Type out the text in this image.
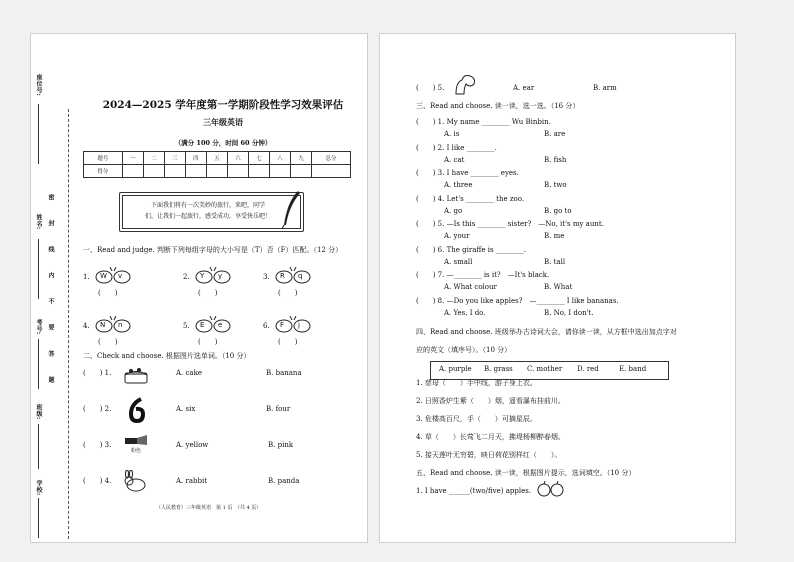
座位号:
姓名:
考号:
班级:
学校:
密 封 线 内 不 要 答 题
2024—2025 学年度第一学期阶段性学习效果评估
三年级英语
（满分 100 分，时间 60 分钟）
题号	一	二	三	四	五	六	七	八	九	总分
得分										

下面我们将有一次美妙的旅行，来吧，同学

们，让我们一起旅行，感受成功，享受快乐吧！

一、Read and judge. 判断下列每组字母的大小写是（T）否（F）匹配。（12 分）
1. W v
(　　)
2. Y y
(　　)
3. R q
(　　)
4. N n
(　　)
5. E e
(　　)
6. F j
(　　)
二、Check and choose. 根据图片选单词。（10 分）
(　　) 1.	A. cake	B. banana
(　　) 2.	A. six	B. four
(　　) 3.
粉色
A. yellow	B. pink
(　　) 4.	A. rabbit	B. panda
（人民教育）三年级英语　第 1 页　（共 4 页）
(　　) 5.	A. ear	B. arm
三、Read and choose. 读一读，选一选。（16 分）
(　　) 1. My name ________ Wu Binbin.
A. is	B. are
(　　) 2. I like ________.
A. cat	B. fish
(　　) 3. I have ________ eyes.
A. three	B. two
(　　) 4. Let's ________ the zoo.
A. go	B. go to
(　　) 5. —Is this ________ sister?　—No, it's my aunt.
A. your	B. me
(　　) 6. The giraffe is ________.
A. small	B. tall
(　　) 7. —________ is it?　—It's black.
A. What colour	B. What
(　　) 8. —Do you like apples?　—________ I like bananas.
A. Yes, I do.	B. No, I don't.
四、Read and choose. 班级举办古诗词大会，请你读一读，从方框中选出加点字对
应的英文（填序号）。（10 分）
A. purple B. grass C. mother D. red	E. band
1. 慈母（　　）手中线，游子身上衣。
2. 日照香炉生紫（　　）烟，遥看瀑布挂前川。
3. 危楼高百尺，手（　　）可摘星辰。
4. 草（　　）长莺飞二月天，拂堤杨柳醉春烟。
5. 接天莲叶无穷碧，映日荷花别样红（　　）。
五、Read and choose. 读一读，根据图片提示，选词填空。（10 分）
1. I have ______(two/five) apples.
